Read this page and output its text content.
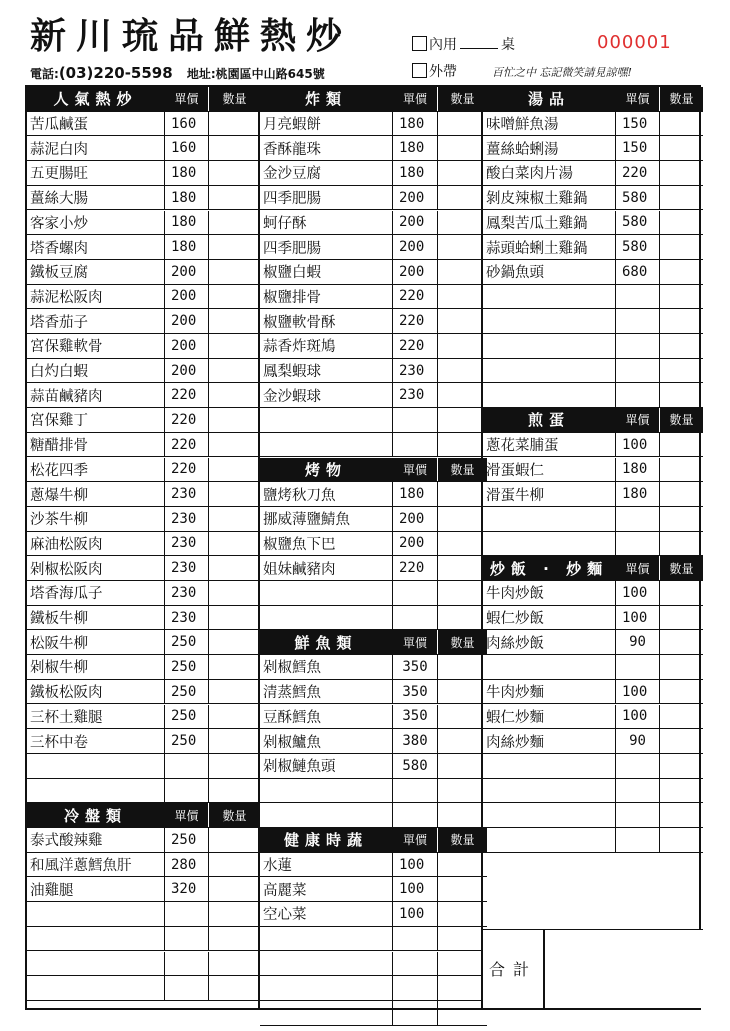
新川琉品鮮熱炒
電話:(03)220-5598 地址:桃園區中山路645號
內用	桌
外帶	百忙之中 忘記微笑請見諒嘿!
000001
人氣熱炒	單價	數量
苦瓜鹹蛋	160
蒜泥白肉	160
五更腸旺	180
薑絲大腸	180
客家小炒	180
塔香螺肉	180
鐵板豆腐	200
蒜泥松阪肉	200
塔香茄子	200
宮保雞軟骨	200
白灼白蝦	200
蒜苗鹹豬肉	220
宮保雞丁	220
糖醋排骨	220
松花四季	220
蔥爆牛柳	230
沙茶牛柳	230
麻油松阪肉	230
剁椒松阪肉	230
塔香海瓜子	230
鐵板牛柳	230
松阪牛柳	250
剁椒牛柳	250
鐵板松阪肉	250
三杯土雞腿	250
三杯中卷	250
冷盤類	單價	數量
泰式酸辣雞	250
和風洋蔥鱈魚肝	280
油雞腿	320
炸類	單價	數量
月亮蝦餅	180
香酥龍珠	180
金沙豆腐	180
四季肥腸	200
蚵仔酥	200
四季肥腸	200
椒鹽白蝦	200
椒鹽排骨	220
椒鹽軟骨酥	220
蒜香炸斑鳩	220
鳳梨蝦球	230
金沙蝦球	230
烤物	單價	數量
鹽烤秋刀魚	180
挪威薄鹽鯖魚	200
椒鹽魚下巴	200
姐妹鹹豬肉	220
鮮魚類	單價	數量
剁椒鱈魚	350
清蒸鱈魚	350
豆酥鱈魚	350
剁椒鱸魚	380
剁椒鰱魚頭	580
健康時蔬	單價	數量
水蓮	100
高麗菜	100
空心菜	100
湯品	單價	數量
味噌鮮魚湯	150
薑絲蛤蜊湯	150
酸白菜肉片湯	220
剝皮辣椒土雞鍋	580
鳳梨苦瓜土雞鍋	580
蒜頭蛤蜊土雞鍋	580
砂鍋魚頭	680
煎蛋	單價	數量
蔥花菜脯蛋	100
滑蛋蝦仁	180
滑蛋牛柳	180
炒飯 · 炒麵	單價	數量
牛肉炒飯	100
蝦仁炒飯	100
肉絲炒飯	90
牛肉炒麵	100
蝦仁炒麵	100
肉絲炒麵	90
合計
